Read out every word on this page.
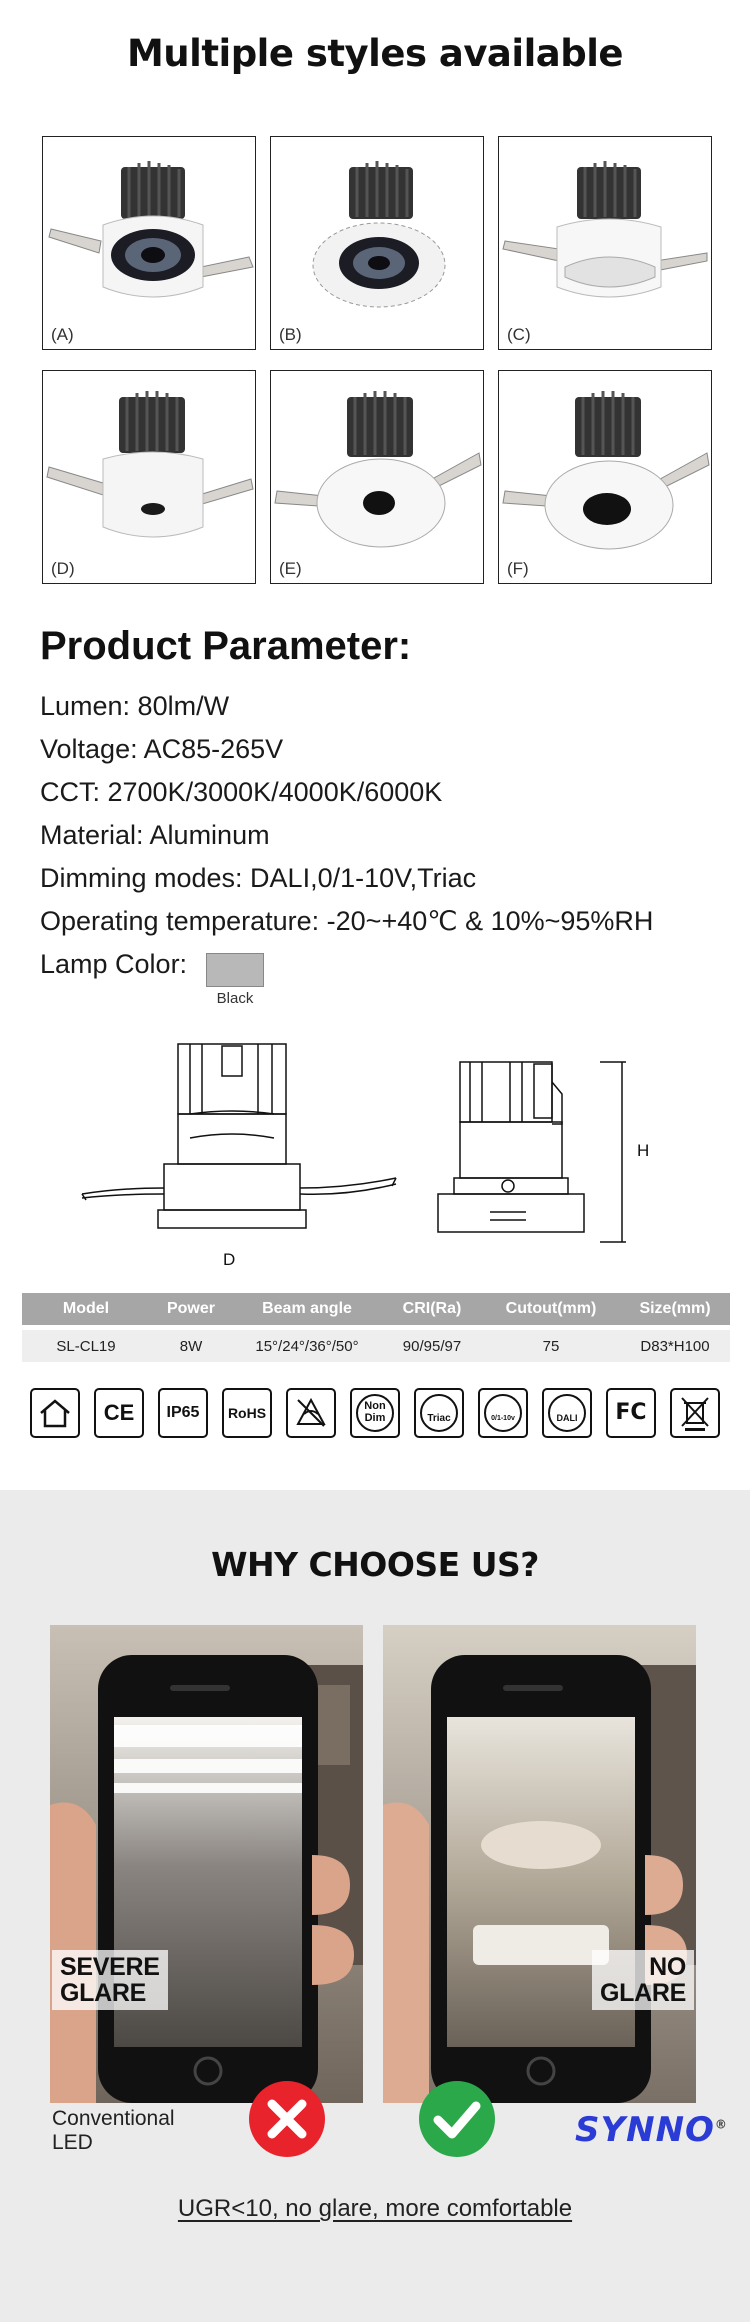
Multiple styles available
(A)	(B)	(C)
(D)	(E)	(F)
Product Parameter:
Lumen: 80lm/W
Voltage: AC85-265V
CCT: 2700K/3000K/4000K/6000K
Material: Aluminum
Dimming modes: DALI,0/1-10V,Triac
Operating temperature: -20~+40℃ & 10%~95%RH
Lamp Color:
Black
D
H
Model	Power	Beam angle	CRI(Ra)	Cutout(mm)	Size(mm)
SL-CL19	8W	15°/24°/36°/50°	90/95/97	75	D83*H100
CE IP65 RoHS	Non Dim	Triac	0/1-10v	DALI FC
WHY CHOOSE US?
SEVERE
GLARE
NO
GLARE
Conventional
LED	SYNNO®
UGR<10, no glare, more comfortable
